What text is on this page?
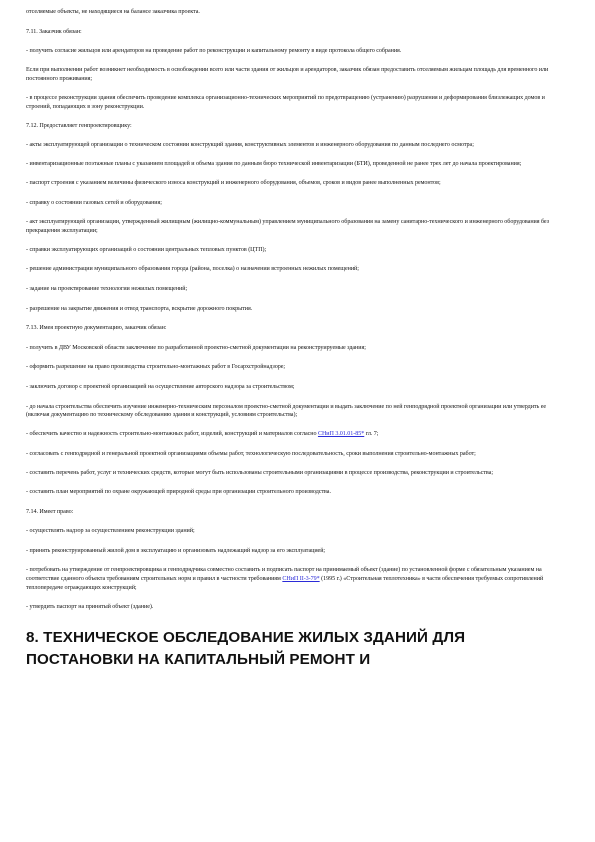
отселяемые объекты, не находящиеся на балансе заказчика проекта.

7.11. Заказчик обязан:

- получить согласие жильцов или арендаторов на проведение работ по реконструкции и капитальному ремонту в виде протокола общего собрания.

Если при выполнении работ возникнет необходимость в освобождении всего или части здания от жильцов и арендаторов, заказчик обязан предоставить отселяемым жильцам площадь для временного или постоянного проживания;

- в процессе реконструкции здания обеспечить проведение комплекса организационно-технических мероприятий по предотвращению (устранению) разрушения и деформирования близлежащих домов и строений, попадающих в зону реконструкции.

7.12. Предоставляет генпроектировщику:

- акты эксплуатирующей организации о техническом состоянии конструкций здания, конструктивных элементов и инженерного оборудования по данным последнего осмотра;

- инвентаризационные поэтажные планы с указанием площадей и объема здания по данным бюро технической инвентаризации (БТИ), проведенной не ранее трех лет до начала проектирования;

- паспорт строения с указанием величины физического износа конструкций и инженерного оборудования, объемов, сроков и видов ранее выполненных ремонтов;

- справку о состоянии газовых сетей и оборудования;

- акт эксплуатирующей организации, утвержденный жилищным (жилищно-коммунальным) управлением муниципального образования на замену санитарно-технического и инженерного оборудования без прекращения эксплуатации;

- справки эксплуатирующих организаций о состоянии центральных тепловых пунктов (ЦТП);

- решение администрации муниципального образования города (района, поселка) о назначении встроенных нежилых помещений;

- задание на проектирование технологии нежилых помещений;

- разрешение на закрытие движения и отвод транспорта, вскрытие дорожного покрытия.

7.13. Имея проектную документацию, заказчик обязан:

- получить в ДВУ Московской области заключение по разработанной проектно-сметной документации на реконструируемые здания;

- оформить разрешение на право производства строительно-монтажных работ в Госархстройнадзоре;

- заключить договор с проектной организацией на осуществление авторского надзора за строительством;

- до начала строительства обеспечить изучение инженерно-техническим персоналом проектно-сметной документации и выдать заключение по ней генподрядной проектной организации или утвердить ее (включая документацию по техническому обследованию здания и конструкций, условиям строительства);

- обеспечить качество и надежность строительно-монтажных работ, изделий, конструкций и материалов согласно СНиП 3.01.01-85* гл. 7;

- согласовать с генподрядной и генеральной проектной организациями объемы работ, технологическую последовательность, сроки выполнения строительно-монтажных работ;

- составить перечень работ, услуг и технических средств, которые могут быть использованы строительными организациями в процессе производства, реконструкции и строительства;

- составить план мероприятий по охране окружающей природной среды при организации строительного производства.

7.14. Имеет право:

- осуществлять надзор за осуществлением реконструкции зданий;

- принять реконструированный жилой дом в эксплуатацию и организовать надлежащий надзор за его эксплуатацией;

- потребовать на утверждение от генпроектировщика и генподрядчика совместно составить и подписать паспорт на принимаемый объект (здание) по установленной форме с обязательным указанием на соответствие сданного объекта требованиям строительных норм и правил в частности требованиям СНиП II-3-79* (1995 г.) «Строительная теплотехника» в части обеспечения требуемых сопротивлений теплопередаче ограждающих конструкций;

- утвердить паспорт на принятый объект (здание).

8. ТЕХНИЧЕСКОЕ ОБСЛЕДОВАНИЕ ЖИЛЫХ ЗДАНИЙ ДЛЯ ПОСТАНОВКИ НА КАПИТАЛЬНЫЙ РЕМОНТ И
